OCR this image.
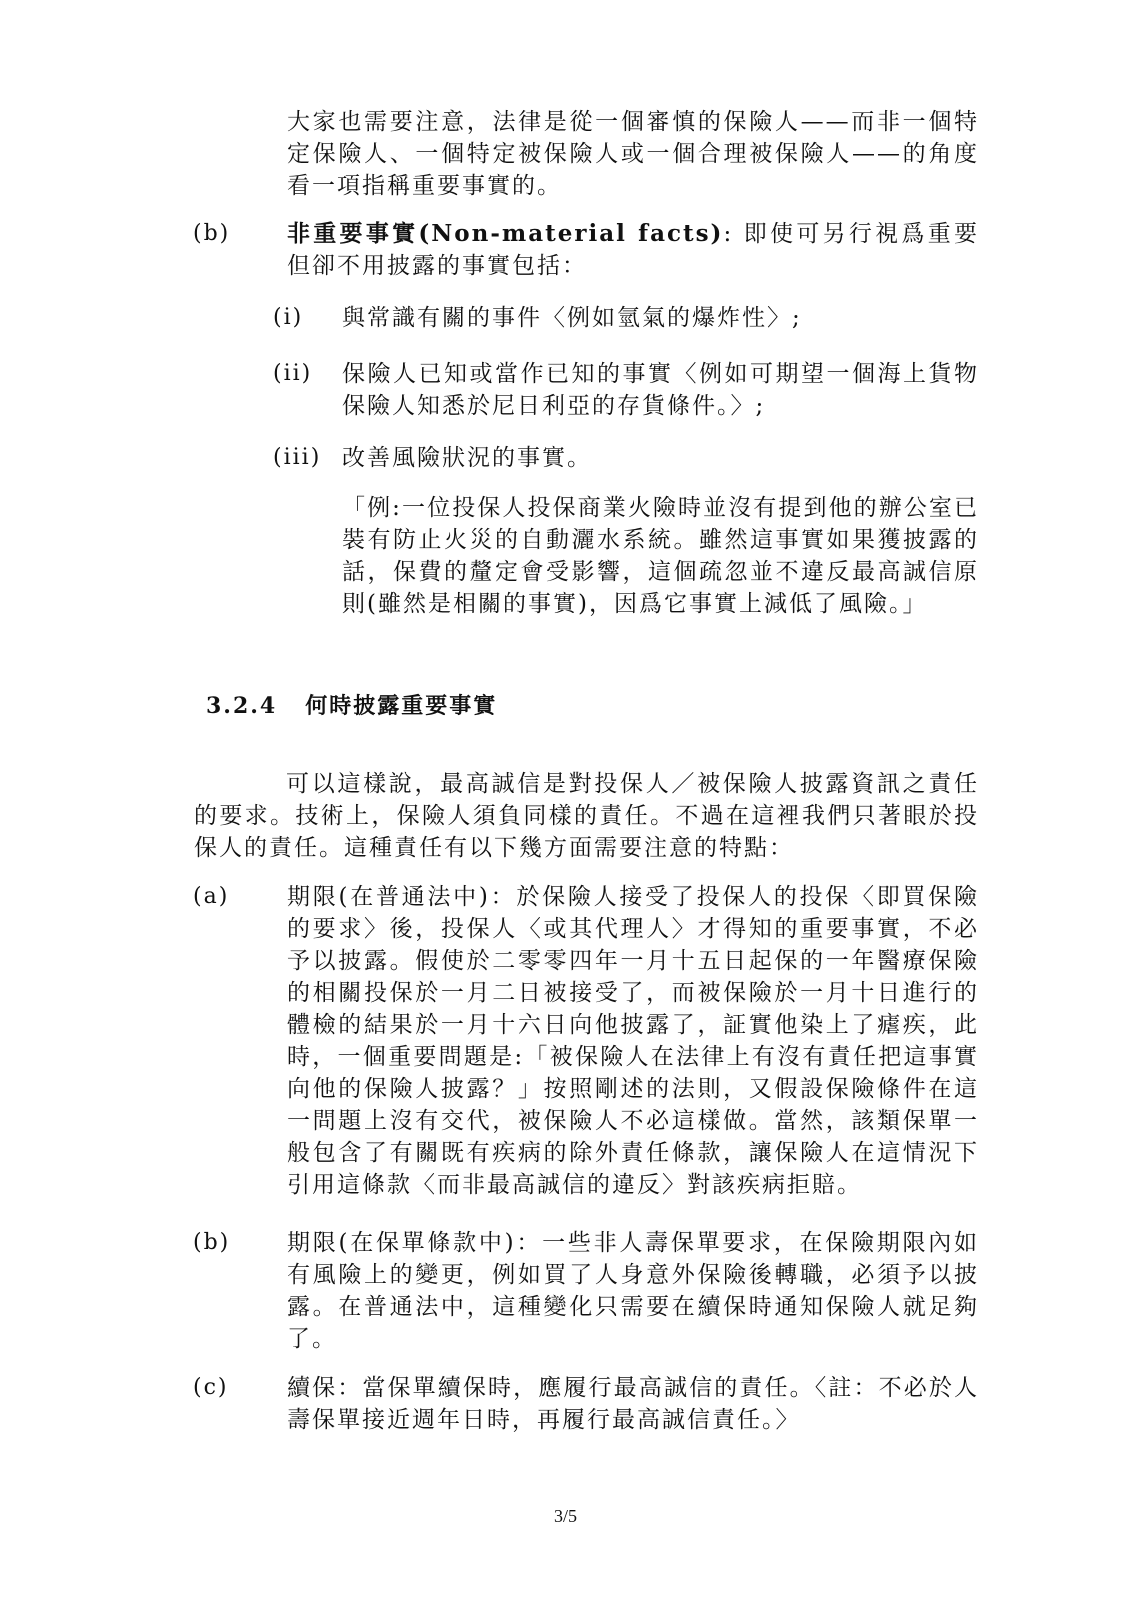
大家也需要注意，法律是從一個審慎的保險人——而非一個特定保險人、一個特定被保險人或一個合理被保險人——的角度看一項指稱重要事實的。

(b) 非重要事實(Non-material facts): 即使可另行視爲重要但卻不用披露的事實包括：

(i) 與常識有關的事件〈例如氫氣的爆炸性〉;

(ii) 保險人已知或當作已知的事實〈例如可期望一個海上貨物保險人知悉於尼日利亞的存貨條件。〉;

(iii) 改善風險狀況的事實。

「例:一位投保人投保商業火險時並沒有提到他的辦公室已裝有防止火災的自動灑水系統。雖然這事實如果獲披露的話，保費的釐定會受影響，這個疏忽並不違反最高誠信原則(雖然是相關的事實)，因爲它事實上減低了風險。」

3.2.4 何時披露重要事實

可以這樣說，最高誠信是對投保人／被保險人披露資訊之責任的要求。技術上，保險人須負同樣的責任。不過在這裡我們只著眼於投保人的責任。這種責任有以下幾方面需要注意的特點：

(a)	期限(在普通法中)：於保險人接受了投保人的投保〈即買保險的要求〉後，投保人〈或其代理人〉才得知的重要事實，不必予以披露。假使於二零零四年一月十五日起保的一年醫療保險的相關投保於一月二日被接受了，而被保險於一月十日進行的體檢的結果於一月十六日向他披露了，証實他染上了瘧疾，此時，一個重要問題是:「被保險人在法律上有沒有責任把這事實向他的保險人披露？」按照剛述的法則，又假設保險條件在這一問題上沒有交代，被保險人不必這樣做。當然，該類保單一般包含了有關既有疾病的除外責任條款，讓保險人在這情況下引用這條款〈而非最高誠信的違反〉對該疾病拒賠。

(b) 期限(在保單條款中)：一些非人壽保單要求，在保險期限內如有風險上的變更，例如買了人身意外保險後轉職，必須予以披露。在普通法中，這種變化只需要在續保時通知保險人就足夠了。

(c)	續保：當保單續保時，應履行最高誠信的責任。〈註：不必於人壽保單接近週年日時，再履行最高誠信責任。〉

3/5
